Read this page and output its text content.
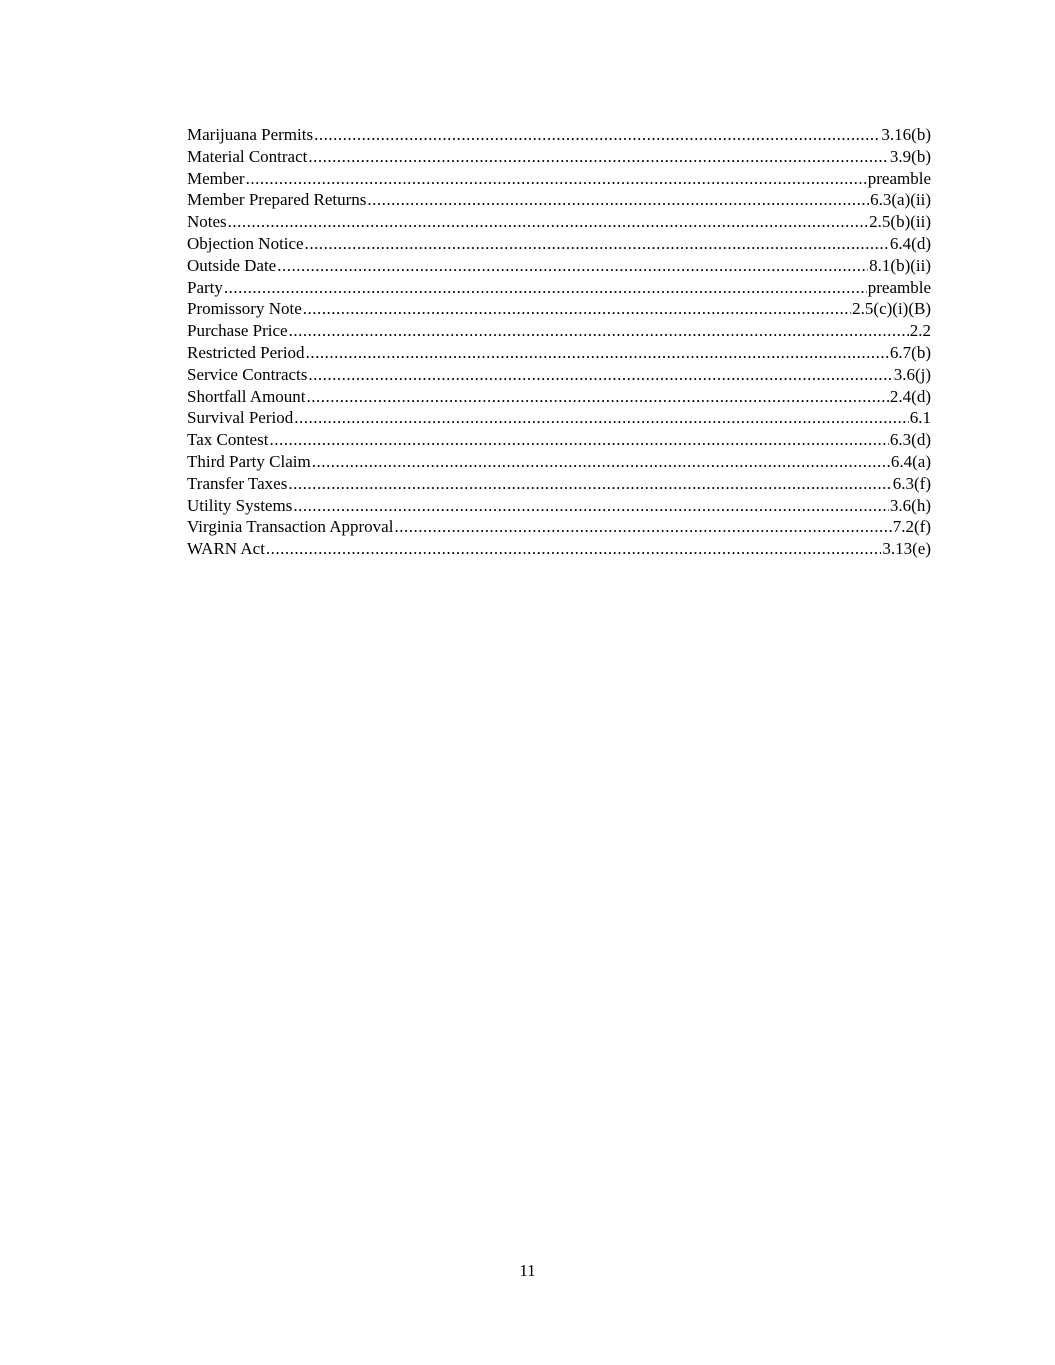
Marijuana Permits .....	3.16(b)
Material Contract .....	3.9(b)
Member .....	preamble
Member Prepared Returns .....	6.3(a)(ii)
Notes .....	2.5(b)(ii)
Objection Notice .....	6.4(d)
Outside Date .....	8.1(b)(ii)
Party .....	preamble
Promissory Note .....	2.5(c)(i)(B)
Purchase Price .....	2.2
Restricted Period .....	6.7(b)
Service Contracts .....	3.6(j)
Shortfall Amount .....	2.4(d)
Survival Period .....	6.1
Tax Contest .....	6.3(d)
Third Party Claim .....	6.4(a)
Transfer Taxes .....	6.3(f)
Utility Systems .....	3.6(h)
Virginia Transaction Approval .....	7.2(f)
WARN Act .....	3.13(e)
11
